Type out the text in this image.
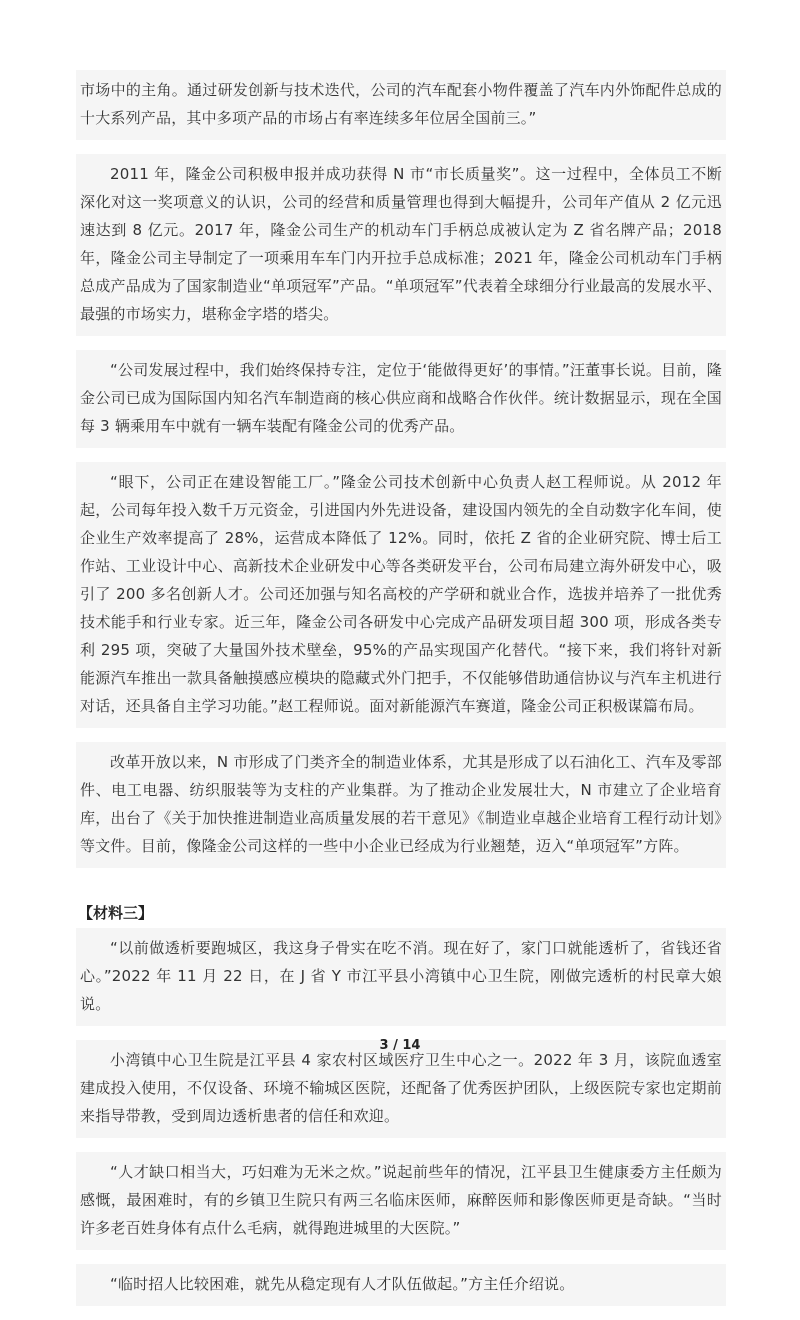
市场中的主角。通过研发创新与技术迭代，公司的汽车配套小物件覆盖了汽车内外饰配件总成的十大系列产品，其中多项产品的市场占有率连续多年位居全国前三。”

2011 年，隆金公司积极申报并成功获得 N 市“市长质量奖”。这一过程中，全体员工不断深化对这一奖项意义的认识，公司的经营和质量管理也得到大幅提升，公司年产值从 2 亿元迅速达到 8 亿元。2017 年，隆金公司生产的机动车门手柄总成被认定为 Z 省名牌产品；2018 年，隆金公司主导制定了一项乘用车车门内开拉手总成标准；2021 年，隆金公司机动车门手柄总成产品成为了国家制造业“单项冠军”产品。“单项冠军”代表着全球细分行业最高的发展水平、最强的市场实力，堪称金字塔的塔尖。

“公司发展过程中，我们始终保持专注，定位于‘能做得更好’的事情。”汪董事长说。目前，隆金公司已成为国际国内知名汽车制造商的核心供应商和战略合作伙伴。统计数据显示，现在全国每 3 辆乘用车中就有一辆车装配有隆金公司的优秀产品。

“眼下，公司正在建设智能工厂。”隆金公司技术创新中心负责人赵工程师说。从 2012 年起，公司每年投入数千万元资金，引进国内外先进设备，建设国内领先的全自动数字化车间，使企业生产效率提高了 28%，运营成本降低了 12%。同时，依托 Z 省的企业研究院、博士后工作站、工业设计中心、高新技术企业研发中心等各类研发平台，公司布局建立海外研发中心，吸引了 200 多名创新人才。公司还加强与知名高校的产学研和就业合作，选拔并培养了一批优秀技术能手和行业专家。近三年，隆金公司各研发中心完成产品研发项目超 300 项，形成各类专利 295 项，突破了大量国外技术壁垒，95%的产品实现国产化替代。“接下来，我们将针对新能源汽车推出一款具备触摸感应模块的隐藏式外门把手，不仅能够借助通信协议与汽车主机进行对话，还具备自主学习功能。”赵工程师说。面对新能源汽车赛道，隆金公司正积极谋篇布局。

改革开放以来，N 市形成了门类齐全的制造业体系，尤其是形成了以石油化工、汽车及零部件、电工电器、纺织服装等为支柱的产业集群。为了推动企业发展壮大，N 市建立了企业培育库，出台了《关于加快推进制造业高质量发展的若干意见》《制造业卓越企业培育工程行动计划》等文件。目前，像隆金公司这样的一些中小企业已经成为行业翘楚，迈入“单项冠军”方阵。

【材料三】

“以前做透析要跑城区，我这身子骨实在吃不消。现在好了，家门口就能透析了，省钱还省心。”2022 年 11 月 22 日，在 J 省 Y 市江平县小湾镇中心卫生院，刚做完透析的村民章大娘说。

小湾镇中心卫生院是江平县 4 家农村区域医疗卫生中心之一。2022 年 3 月，该院血透室建成投入使用，不仅设备、环境不输城区医院，还配备了优秀医护团队，上级医院专家也定期前来指导带教，受到周边透析患者的信任和欢迎。

“人才缺口相当大，巧妇难为无米之炊。”说起前些年的情况，江平县卫生健康委方主任颇为感慨，最困难时，有的乡镇卫生院只有两三名临床医师，麻醉医师和影像医师更是奇缺。“当时许多老百姓身体有点什么毛病，就得跑进城里的大医院。”

“临时招人比较困难，就先从稳定现有人才队伍做起。”方主任介绍说。

3 / 14
